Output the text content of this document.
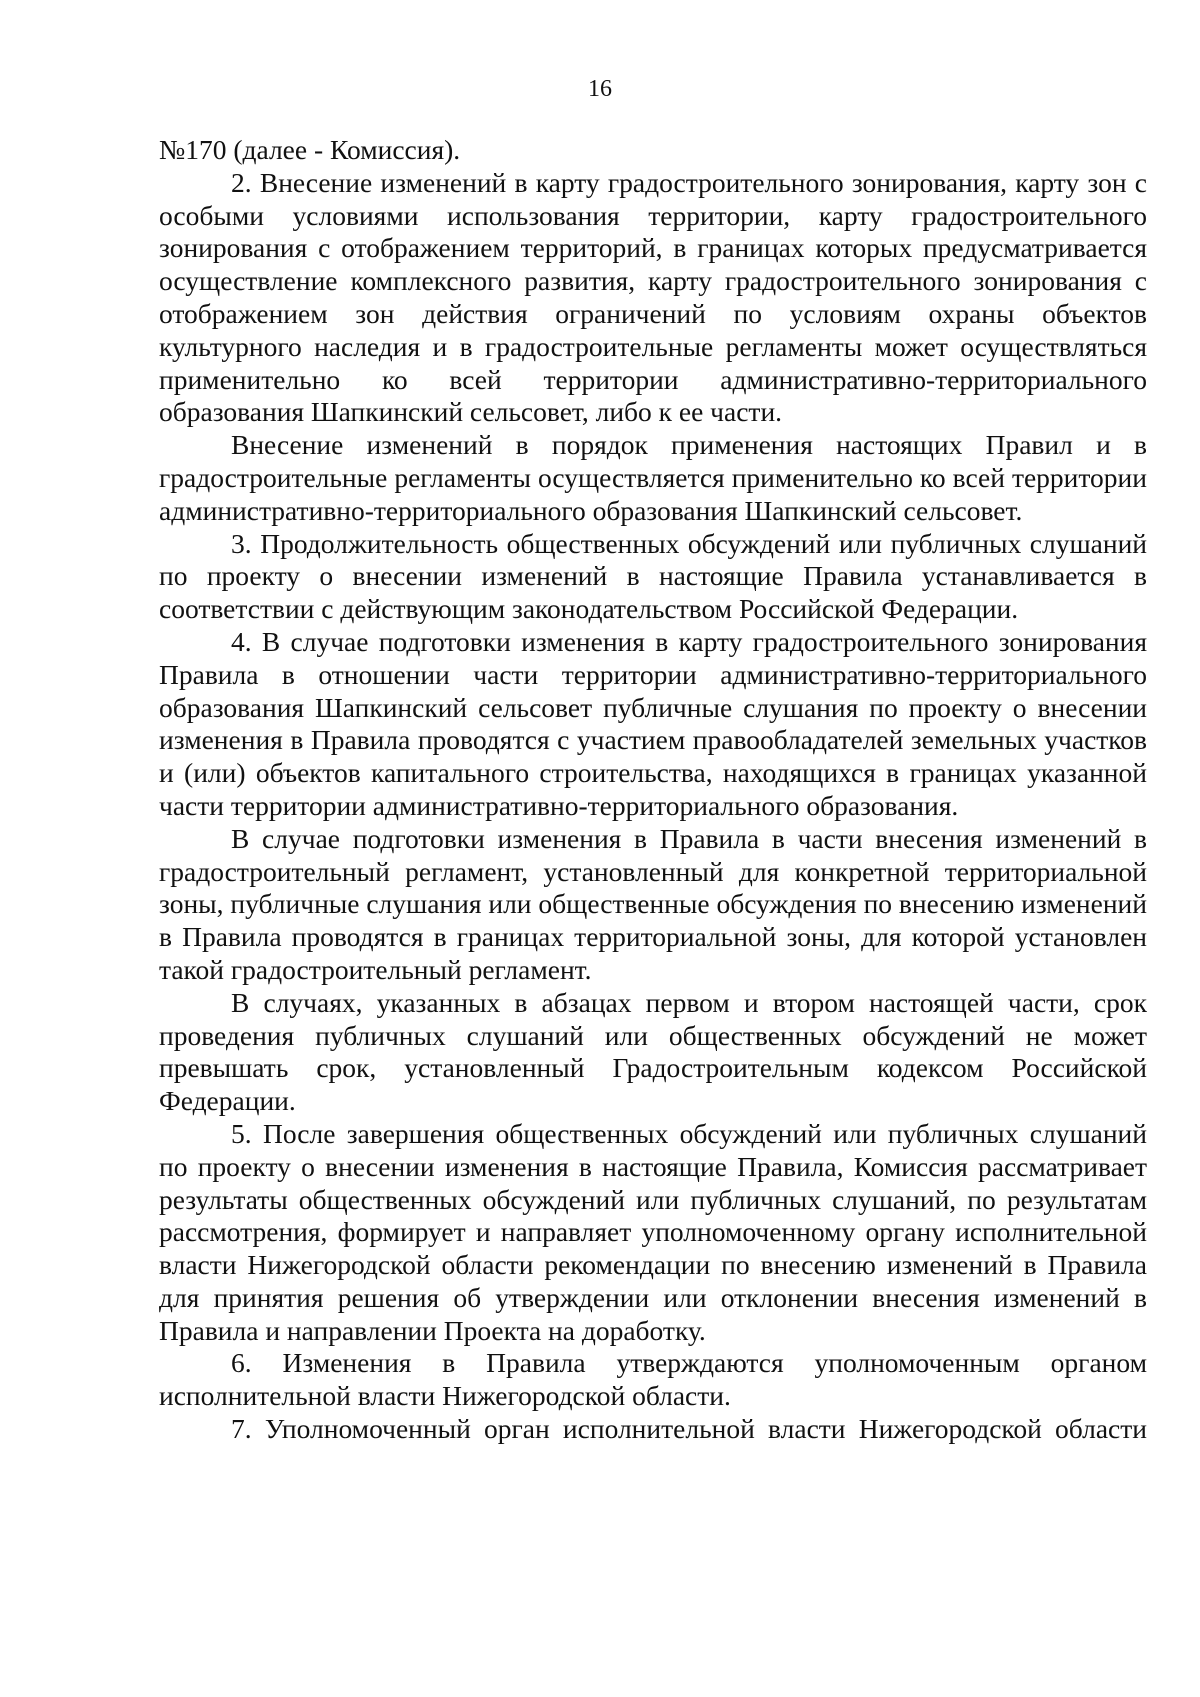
16

№170 (далее - Комиссия).

2. Внесение изменений в карту градостроительного зонирования, карту зон с особыми условиями использования территории, карту градостроительного зонирования с отображением территорий, в границах которых предусматривается осуществление комплексного развития, карту градостроительного зонирования с отображением зон действия ограничений по условиям охраны объектов культурного наследия и в градостроительные регламенты может осуществляться применительно ко всей территории административно-территориального образования Шапкинский сельсовет, либо к ее части.

Внесение изменений в порядок применения настоящих Правил и в градостроительные регламенты осуществляется применительно ко всей территории административно-территориального образования Шапкинский сельсовет.

3. Продолжительность общественных обсуждений или публичных слушаний по проекту о внесении изменений в настоящие Правила устанавливается в соответствии с действующим законодательством Российской Федерации.

4. В случае подготовки изменения в карту градостроительного зонирования Правила в отношении части территории административно-территориального образования Шапкинский сельсовет публичные слушания по проекту о внесении изменения в Правила проводятся с участием правообладателей земельных участков и (или) объектов капитального строительства, находящихся в границах указанной части территории административно-территориального образования.

В случае подготовки изменения в Правила в части внесения изменений в градостроительный регламент, установленный для конкретной территориальной зоны, публичные слушания или общественные обсуждения по внесению изменений в Правила проводятся в границах территориальной зоны, для которой установлен такой градостроительный регламент.

В случаях, указанных в абзацах первом и втором настоящей части, срок проведения публичных слушаний или общественных обсуждений не может превышать срок, установленный Градостроительным кодексом Российской Федерации.

5. После завершения общественных обсуждений или публичных слушаний по проекту о внесении изменения в настоящие Правила, Комиссия рассматривает результаты общественных обсуждений или публичных слушаний, по результатам рассмотрения, формирует и направляет уполномоченному органу исполнительной власти Нижегородской области рекомендации по внесению изменений в Правила для принятия решения об утверждении или отклонении внесения изменений в Правила и направлении Проекта на доработку.

6. Изменения в Правила утверждаются уполномоченным органом исполнительной власти Нижегородской области.

7. Уполномоченный орган исполнительной власти Нижегородской области
